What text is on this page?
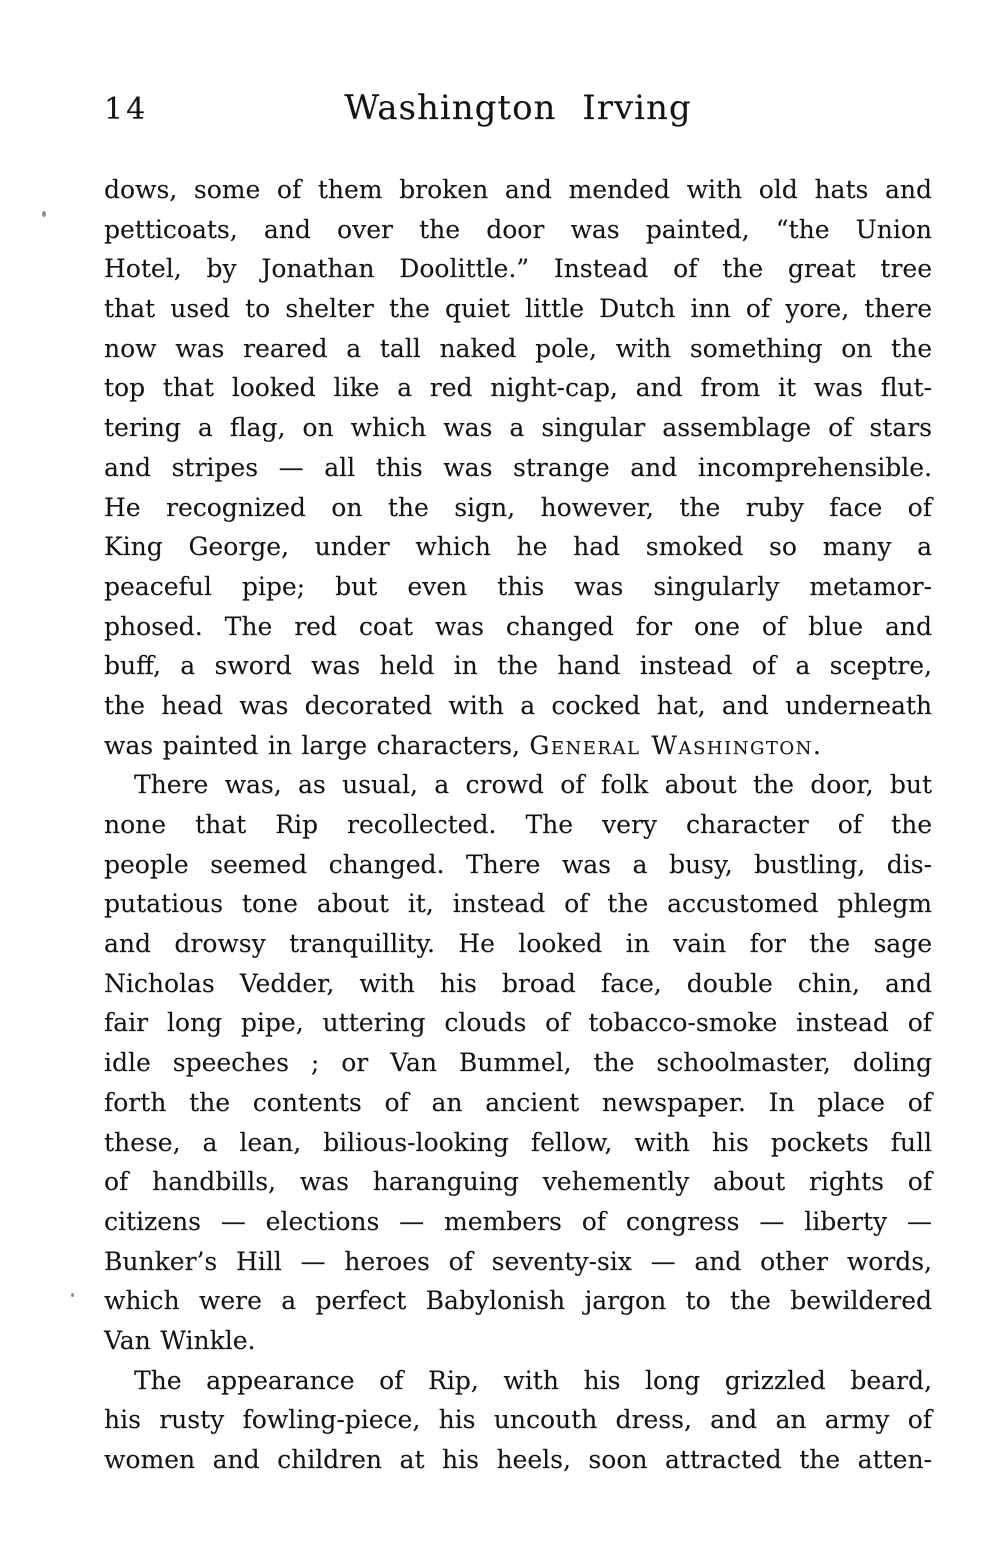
14	Washington Irving
dows, some of them broken and mended with old hats and
petticoats, and over the door was painted, “the Union
Hotel, by Jonathan Doolittle.” Instead of the great tree
that used to shelter the quiet little Dutch inn of yore, there
now was reared a tall naked pole, with something on the
top that looked like a red night-cap, and from it was flut-
tering a flag, on which was a singular assemblage of stars
and stripes — all this was strange and incomprehensible.
He recognized on the sign, however, the ruby face of
King George, under which he had smoked so many a
peaceful pipe; but even this was singularly metamor-
phosed. The red coat was changed for one of blue and
buff, a sword was held in the hand instead of a sceptre,
the head was decorated with a cocked hat, and underneath
was painted in large characters, General Washington.
There was, as usual, a crowd of folk about the door, but
none that Rip recollected. The very character of the
people seemed changed. There was a busy, bustling, dis-
putatious tone about it, instead of the accustomed phlegm
and drowsy tranquillity. He looked in vain for the sage
Nicholas Vedder, with his broad face, double chin, and
fair long pipe, uttering clouds of tobacco-smoke instead of
idle speeches ; or Van Bummel, the schoolmaster, doling
forth the contents of an ancient newspaper. In place of
these, a lean, bilious-looking fellow, with his pockets full
of handbills, was haranguing vehemently about rights of
citizens — elections — members of congress — liberty —
Bunker’s Hill — heroes of seventy-six — and other words,
which were a perfect Babylonish jargon to the bewildered
Van Winkle.
The appearance of Rip, with his long grizzled beard,
his rusty fowling-piece, his uncouth dress, and an army of
women and children at his heels, soon attracted the atten-
